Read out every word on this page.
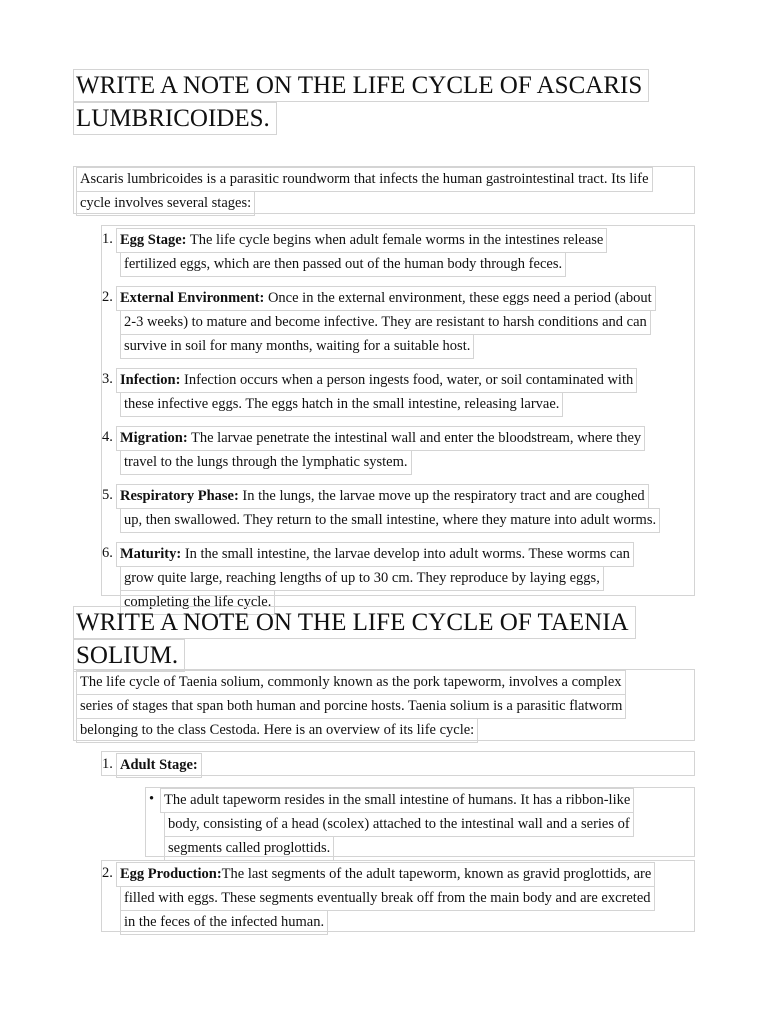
WRITE A NOTE ON THE LIFE CYCLE OF ASCARIS
LUMBRICOIDES.
Ascaris lumbricoides is a parasitic roundworm that infects the human gastrointestinal tract. Its life
cycle involves several stages:
1. Egg Stage: The life cycle begins when adult female worms in the intestines release
fertilized eggs, which are then passed out of the human body through feces.
2. External Environment: Once in the external environment, these eggs need a period (about
2-3 weeks) to mature and become infective. They are resistant to harsh conditions and can
survive in soil for many months, waiting for a suitable host.
3. Infection: Infection occurs when a person ingests food, water, or soil contaminated with
these infective eggs. The eggs hatch in the small intestine, releasing larvae.
4. Migration: The larvae penetrate the intestinal wall and enter the bloodstream, where they
travel to the lungs through the lymphatic system.
5. Respiratory Phase: In the lungs, the larvae move up the respiratory tract and are coughed
up, then swallowed. They return to the small intestine, where they mature into adult worms.
6. Maturity: In the small intestine, the larvae develop into adult worms. These worms can
grow quite large, reaching lengths of up to 30 cm. They reproduce by laying eggs,
completing the life cycle.
WRITE A NOTE ON THE LIFE CYCLE OF TAENIA
SOLIUM.
The life cycle of Taenia solium, commonly known as the pork tapeworm, involves a complex
series of stages that span both human and porcine hosts. Taenia solium is a parasitic flatworm
belonging to the class Cestoda. Here is an overview of its life cycle:
1. Adult Stage:
• The adult tapeworm resides in the small intestine of humans. It has a ribbon-like
body, consisting of a head (scolex) attached to the intestinal wall and a series of
segments called proglottids.
2. Egg Production:The last segments of the adult tapeworm, known as gravid proglottids, are
filled with eggs. These segments eventually break off from the main body and are excreted
in the feces of the infected human.
